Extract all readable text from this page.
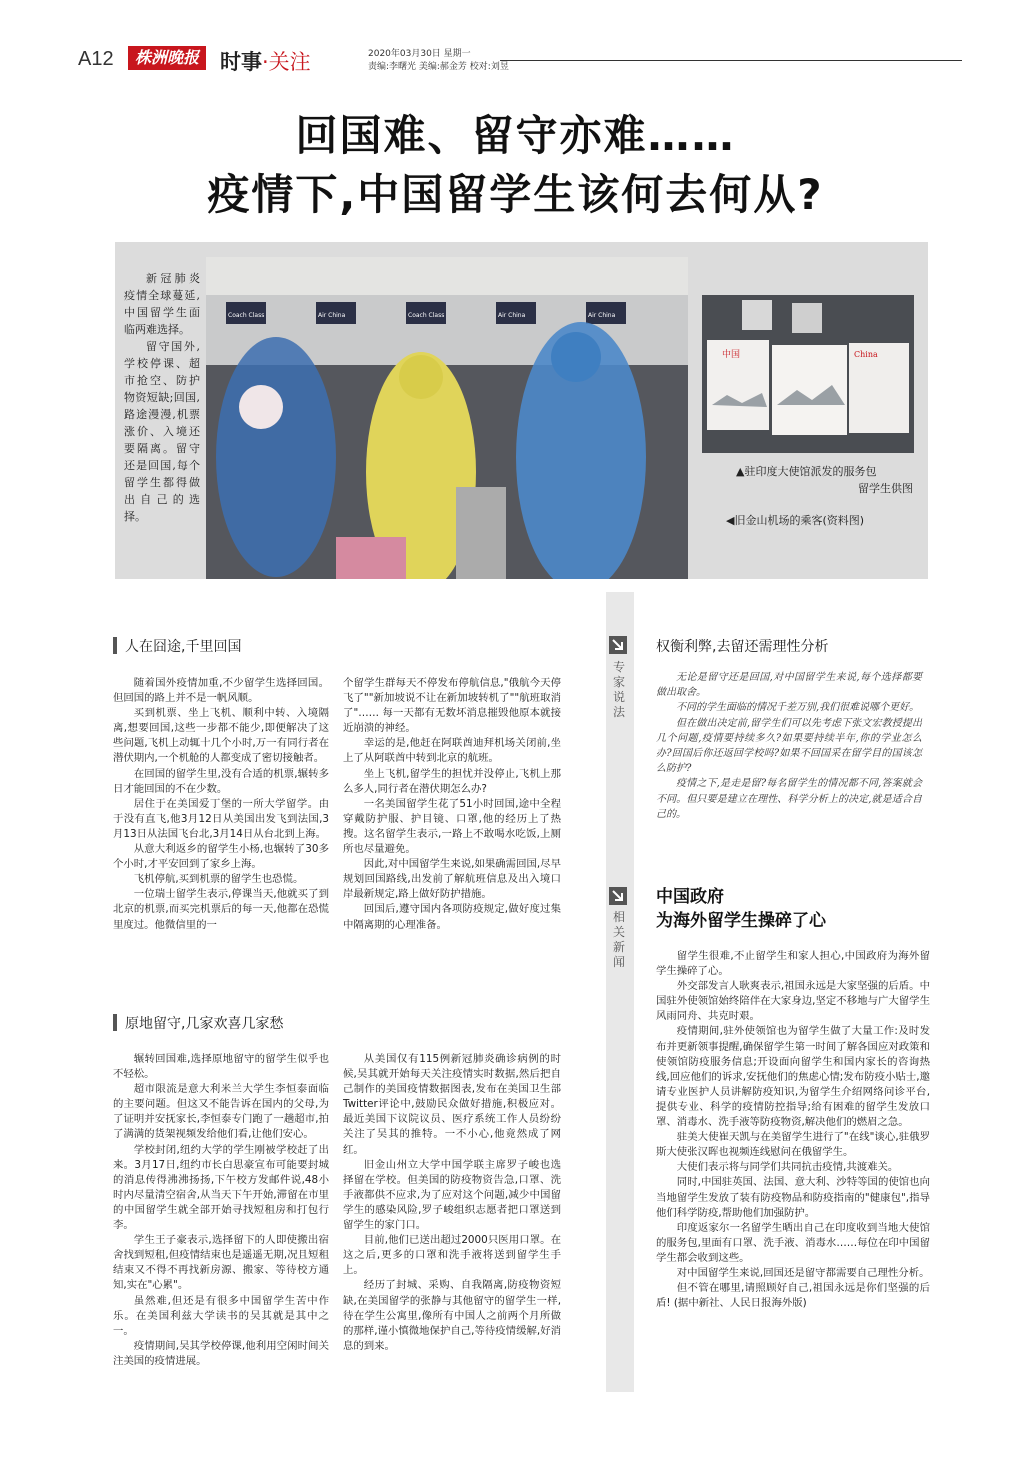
A12	株洲晚报	时事·关注	2020年03月30日 星期一
责编:李曙光 美编:郝金芳 校对:刘昱
回国难、留守亦难……
疫情下,中国留学生该何去何从?

新冠肺炎疫情全球蔓延,中国留学生面临两难选择。

留守国外,学校停课、超市抢空、防护物资短缺;回国,路途漫漫,机票涨价、入境还要隔离。留守还是回国,每个留学生都得做出自己的选择。

Coach Class	Air China	Coach Class	Air China	Air China
中国	China
▲驻印度大使馆派发的服务包
留学生供图
◀旧金山机场的乘客(资料图)
人在囧途,千里回国

随着国外疫情加重,不少留学生选择回国。但回国的路上并不是一帆风顺。

买到机票、坐上飞机、顺利中转、入境隔离,想要回国,这些一步都不能少,即便解决了这些问题,飞机上动辄十几个小时,万一有同行者在潜伏期内,一个机舱的人都变成了密切接触者。

在回国的留学生里,没有合适的机票,辗转多日才能回国的不在少数。

居住于在美国爱丁堡的一所大学留学。由于没有直飞,他3月12日从美国出发飞到法国,3月13日从法国飞台北,3月14日从台北到上海。

从意大利返乡的留学生小杨,也辗转了30多个小时,才平安回到了家乡上海。

飞机停航,买到机票的留学生也恐慌。

一位瑞士留学生表示,停课当天,他就买了到北京的机票,而买完机票后的每一天,他都在恐慌里度过。他微信里的一

个留学生群每天不停发布停航信息,"俄航今天停飞了""新加坡说不让在新加坡转机了""航班取消了"…… 每一天都有无数坏消息摧毁他原本就接近崩溃的神经。

幸运的是,他赶在阿联酋迪拜机场关闭前,坐上了从阿联酋中转到北京的航班。

坐上飞机,留学生的担忧并没停止,飞机上那么多人,同行者在潜伏期怎么办?

一名美国留学生花了51小时回国,途中全程穿戴防护服、护目镜、口罩,他的经历上了热搜。这名留学生表示,一路上不敢喝水吃饭,上厕所也尽量避免。

因此,对中国留学生来说,如果确需回国,尽早规划回国路线,出发前了解航班信息及出入境口岸最新规定,路上做好防护措施。

回国后,遵守国内各项防疫规定,做好度过集中隔离期的心理准备。

原地留守,几家欢喜几家愁

辗转回国难,选择原地留守的留学生似乎也不轻松。

超市限流是意大利米兰大学生李恒泰面临的主要问题。但这又不能告诉在国内的父母,为了证明并安抚家长,李恒泰专门跑了一趟超市,拍了满满的货架视频发给他们看,让他们安心。

学校封闭,纽约大学的学生刚被学校赶了出来。3月17日,纽约市长白思豪宣布可能要封城的消息传得沸沸扬扬,下午校方发邮件说,48小时内尽量清空宿舍,从当天下午开始,滞留在市里的中国留学生就全部开始寻找短租房和打包行李。

学生王子豪表示,选择留下的人即使搬出宿舍找到短租,但疫情结束也是遥遥无期,况且短租结束又不得不再找新房源、搬家、等待校方通知,实在"心累"。

虽然难,但还是有很多中国留学生苦中作乐。在美国利兹大学读书的吴其就是其中之一。

疫情期间,吴其学校停课,他利用空闲时间关注美国的疫情进展。

从美国仅有115例新冠肺炎确诊病例的时候,吴其就开始每天关注疫情实时数据,然后把自己制作的美国疫情数据图表,发布在美国卫生部Twitter评论中,鼓励民众做好措施,积极应对。最近美国下议院议员、医疗系统工作人员纷纷关注了吴其的推特。一不小心,他竟然成了网红。

旧金山州立大学中国学联主席罗子峻也选择留在学校。但美国的防疫物资告急,口罩、洗手液都供不应求,为了应对这个问题,减少中国留学生的感染风险,罗子峻组织志愿者把口罩送到留学生的家门口。

目前,他们已送出超过2000只医用口罩。在这之后,更多的口罩和洗手液将送到留学生手上。

经历了封城、采购、自我隔离,防疫物资短缺,在美国留学的张静与其他留守的留学生一样,待在学生公寓里,像所有中国人之前两个月所做的那样,谨小慎微地保护自己,等待疫情缓解,好消息的到来。

专家说法
权衡利弊,去留还需理性分析

无论是留守还是回国,对中国留学生来说,每个选择都要做出取舍。

不同的学生面临的情况千差万别,我们很难说哪个更好。

但在做出决定前,留学生们可以先考虑下张文宏教授提出几个问题,疫情要持续多久?如果要持续半年,你的学业怎么办?回国后你还返回学校吗?如果不回国采在留学目的国该怎么防护?

疫情之下,是走是留?每名留学生的情况都不同,答案就会不同。但只要是建立在理性、科学分析上的决定,就是适合自己的。

相关新闻
中国政府
为海外留学生操碎了心

留学生很难,不止留学生和家人担心,中国政府为海外留学生操碎了心。

外交部发言人耿爽表示,祖国永远是大家坚强的后盾。中国驻外使领馆始终陪伴在大家身边,坚定不移地与广大留学生风雨同舟、共克时艰。

疫情期间,驻外使领馆也为留学生做了大量工作:及时发布并更新领事提醒,确保留学生第一时间了解各国应对政策和使领馆防疫服务信息;开设面向留学生和国内家长的咨询热线,回应他们的诉求,安抚他们的焦虑心情;发布防疫小贴士,邀请专业医护人员讲解防疫知识,为留学生介绍网络问诊平台,提供专业、科学的疫情防控指导;给有困难的留学生发放口罩、消毒水、洗手液等防疫物资,解决他们的燃眉之急。

驻美大使崔天凯与在美留学生进行了"在线"谈心,驻俄罗斯大使张汉晖也视频连线慰问在俄留学生。

大使们表示将与同学们共同抗击疫情,共渡难关。

同时,中国驻英国、法国、意大利、沙特等国的使馆也向当地留学生发放了装有防疫物品和防疫指南的"健康包",指导他们科学防疫,帮助他们加强防护。

印度返家尔一名留学生晒出自己在印度收到当地大使馆的服务包,里面有口罩、洗手液、消毒水……每位在印中国留学生都会收到这些。

对中国留学生来说,回国还是留守都需要自己理性分析。

但不管在哪里,请照顾好自己,祖国永远是你们坚强的后盾! (据中新社、人民日报海外版)
